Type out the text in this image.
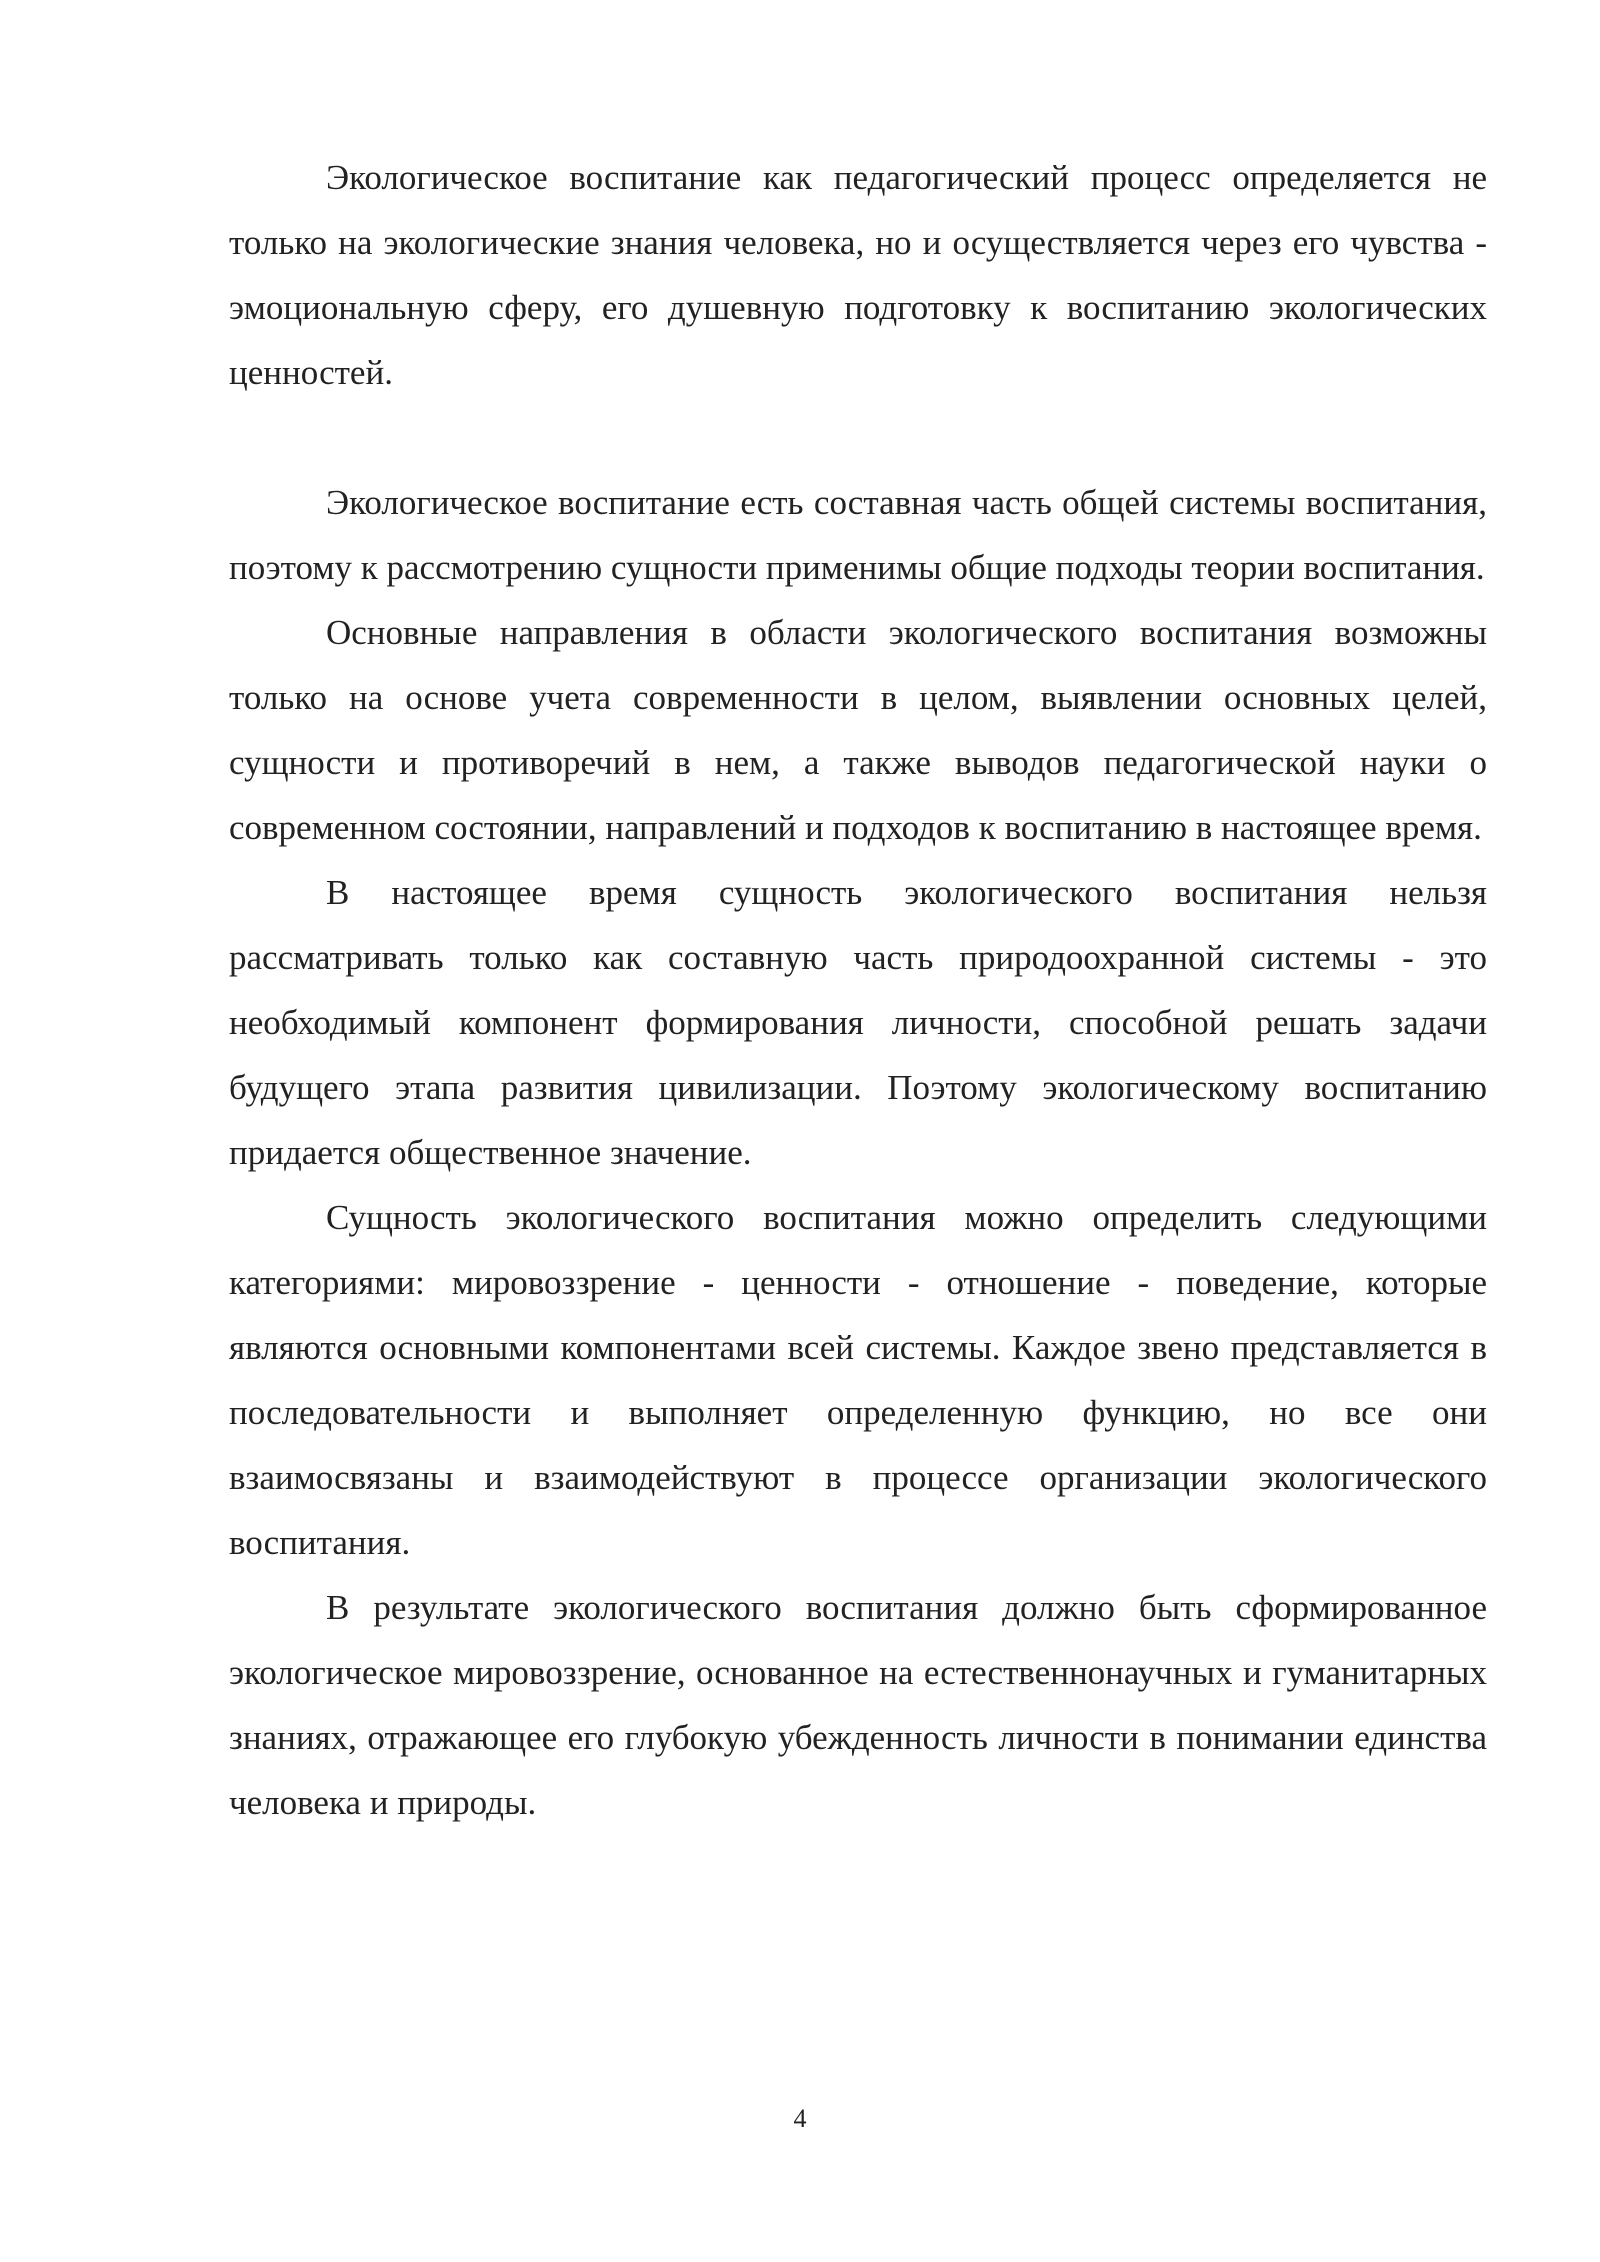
Экологическое воспитание как педагогический процесс определяется не только на экологические знания человека, но и осуществляется через его чувства - эмоциональную сферу, его душевную подготовку к воспитанию экологических ценностей.

Экологическое воспитание есть составная часть общей системы воспитания, поэтому к рассмотрению сущности применимы общие подходы теории воспитания.

Основные направления в области экологического воспитания возможны только на основе учета современности в целом, выявлении основных целей, сущности и противоречий в нем, а также выводов педагогической науки о современном состоянии, направлений и подходов к воспитанию в настоящее время.

В настоящее время сущность экологического воспитания нельзя рассматривать только как составную часть природоохранной системы - это необходимый компонент формирования личности, способной решать задачи будущего этапа развития цивилизации. Поэтому экологическому воспитанию придается общественное значение.

Сущность экологического воспитания можно определить следующими категориями: мировоззрение - ценности - отношение - поведение, которые являются основными компонентами всей системы. Каждое звено представляется в последовательности и выполняет определенную функцию, но все они взаимосвязаны и взаимодействуют в процессе организации экологического воспитания.

В результате экологического воспитания должно быть сформированное экологическое мировоззрение, основанное на естественнонаучных и гуманитарных знаниях, отражающее его глубокую убежденность личности в понимании единства человека и природы.

4
